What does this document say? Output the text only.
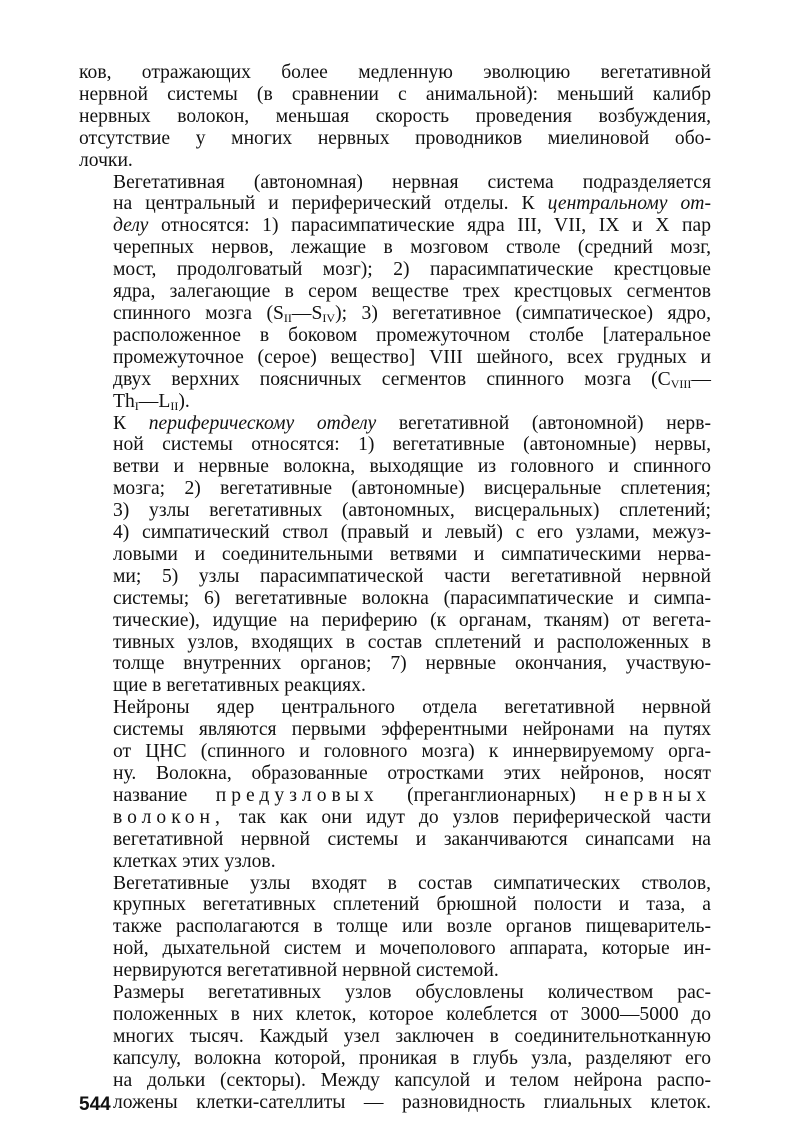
ков, отражающих более медленную эволюцию вегетативной
нервной системы (в сравнении с анимальной): меньший калибр
нервных волокон, меньшая скорость проведения возбуждения,
отсутствие у многих нервных проводников миелиновой обо-
лочки.

Вегетативная (автономная) нервная система подразделяется
на центральный и периферический отделы. К центральному от-
делу относятся: 1) парасимпатические ядра III, VII, IX и X пар
черепных нервов, лежащие в мозговом стволе (средний мозг,
мост, продолговатый мозг); 2) парасимпатические крестцовые
ядра, залегающие в сером веществе трех крестцовых сегментов
спинного мозга $(S_{II}—S_{IV})$; 3) вегетативное (симпатическое) ядро,
расположенное в боковом промежуточном столбе [латеральное
промежуточное (серое) вещество] VIII шейного, всех грудных и
двух верхних поясничных сегментов спинного мозга ($C_{VIII}—$
$Th_I—L_{II}$).

К периферическому отделу вегетативной (автономной) нерв-
ной системы относятся: 1) вегетативные (автономные) нервы,
ветви и нервные волокна, выходящие из головного и спинного
мозга; 2) вегетативные (автономные) висцеральные сплетения;
3) узлы вегетативных (автономных, висцеральных) сплетений;
4) симпатический ствол (правый и левый) с его узлами, межуз-
ловыми и соединительными ветвями и симпатическими нерва-
ми; 5) узлы парасимпатической части вегетативной нервной
системы; 6) вегетативные волокна (парасимпатические и симпа-
тические), идущие на периферию (к органам, тканям) от вегета-
тивных узлов, входящих в состав сплетений и расположенных в
толще внутренних органов; 7) нервные окончания, участвую-
щие в вегетативных реакциях.

Нейроны ядер центрального отдела вегетативной нервной
системы являются первыми эфферентными нейронами на путях
от ЦНС (спинного и головного мозга) к иннервируемому орга-
ну. Волокна, образованные отростками этих нейронов, носят
название предузловых (преганглионарных) нервных
волокон, так как они идут до узлов периферической части
вегетативной нервной системы и заканчиваются синапсами на
клетках этих узлов.

Вегетативные узлы входят в состав симпатических стволов,
крупных вегетативных сплетений брюшной полости и таза, а
также располагаются в толще или возле органов пищеваритель-
ной, дыхательной систем и мочеполового аппарата, которые ин-
нервируются вегетативной нервной системой.

Размеры вегетативных узлов обусловлены количеством рас-
положенных в них клеток, которое колеблется от 3000—5000 до
многих тысяч. Каждый узел заключен в соединительнотканную
капсулу, волокна которой, проникая в глубь узла, разделяют его
на дольки (секторы). Между капсулой и телом нейрона распо-
ложены клетки-сателлиты — разновидность глиальных клеток.

544
